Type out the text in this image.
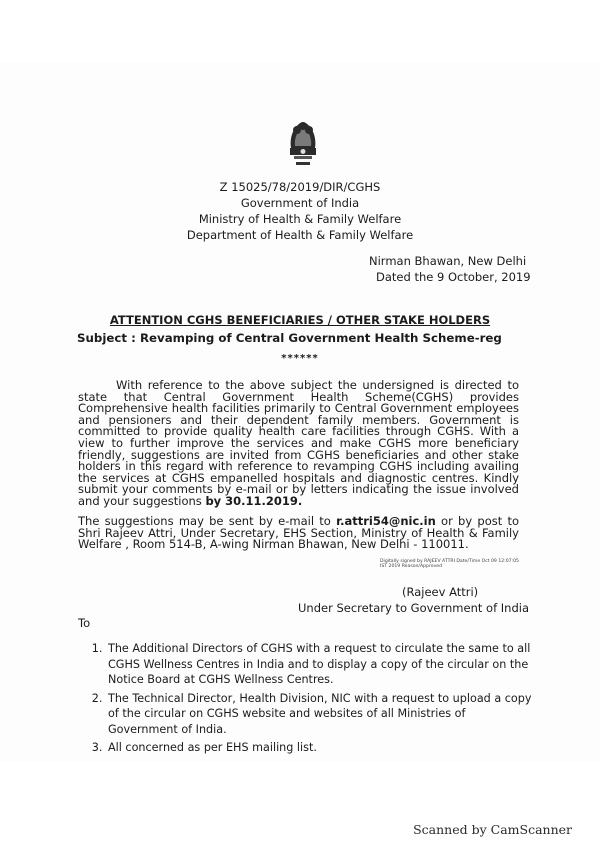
Z 15025/78/2019/DIR/CGHS
Government of India
Ministry of Health & Family Welfare
Department of Health & Family Welfare
Nirman Bhawan, New Delhi
Dated the 9 October, 2019
ATTENTION CGHS BENEFICIARIES / OTHER STAKE HOLDERS
Subject : Revamping of Central Government Health Scheme-reg
******
With reference to the above subject the undersigned is directed to state that Central Government Health Scheme(CGHS) provides Comprehensive health facilities primarily to Central Government employees and pensioners and their dependent family members. Government is committed to provide quality health care facilities through CGHS. With a view to further improve the services and make CGHS more beneficiary friendly, suggestions are invited from CGHS beneficiaries and other stake holders in this regard with reference to revamping CGHS including availing the services at CGHS empanelled hospitals and diagnostic centres. Kindly submit your comments by e-mail or by letters indicating the issue involved and your suggestions by 30.11.2019.
The suggestions may be sent by e-mail to r.attri54@nic.in or by post to Shri Rajeev Attri, Under Secretary, EHS Section, Ministry of Health & Family Welfare , Room 514-B, A-wing Nirman Bhawan, New Delhi - 110011.
Digitally signed by RAJEEV ATTRI Date/Time Oct 09 12:07:05 IST 2019 Reason/Approved
(Rajeev Attri)
Under Secretary to Government of India
To
1. The Additional Directors of CGHS with a request to circulate the same to all CGHS Wellness Centres in India and to display a copy of the circular on the Notice Board at CGHS Wellness Centres.
2. The Technical Director, Health Division, NIC with a request to upload a copy of the circular on CGHS website and websites of all Ministries of Government of India.
3. All concerned as per EHS mailing list.
Scanned by CamScanner
